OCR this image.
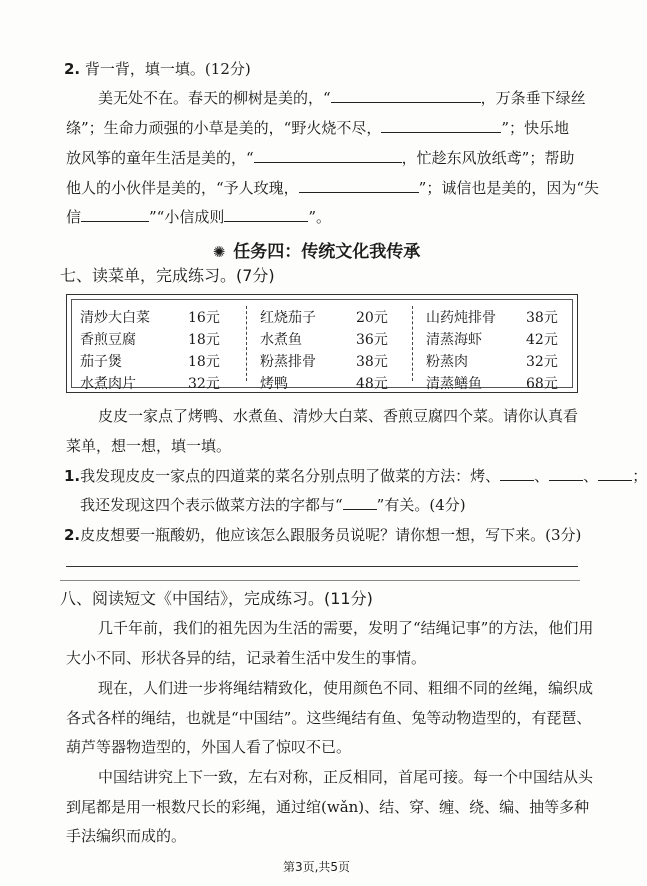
2. 背一背，填一填。(12分)
美无处不在。春天的柳树是美的，“	，万条垂下绿丝
绦”；生命力顽强的小草是美的，“野火烧不尽，	”；快乐地
放风筝的童年生活是美的，“	，忙趁东风放纸鸢”；帮助
他人的小伙伴是美的，“予人玫瑰，	”；诚信也是美的，因为“失
信	”“小信成则	”。
✺ 任务四：传统文化我传承
七、读菜单，完成练习。(7分)
清炒大白菜	16元
香煎豆腐	18元
茄子煲	18元
水煮肉片	32元
红烧茄子	20元
水煮鱼	36元
粉蒸排骨	38元
烤鸭	48元
山药炖排骨 38元
清蒸海虾	42元
粉蒸肉	32元
清蒸鳝鱼	68元
皮皮一家点了烤鸭、水煮鱼、清炒大白菜、香煎豆腐四个菜。请你认真看
菜单，想一想，填一填。
1.我发现皮皮一家点的四道菜的菜名分别点明了做菜的方法：烤、 、 、 ；
我还发现这四个表示做菜方法的字都与“ ”有关。(4分)
2.皮皮想要一瓶酸奶，他应该怎么跟服务员说呢？请你想一想，写下来。(3分)
八、阅读短文《中国结》，完成练习。(11分)
几千年前，我们的祖先因为生活的需要，发明了“结绳记事”的方法，他们用
大小不同、形状各异的结，记录着生活中发生的事情。
现在，人们进一步将绳结精致化，使用颜色不同、粗细不同的丝绳，编织成
各式各样的绳结，也就是“中国结”。这些绳结有鱼、兔等动物造型的，有琵琶、
葫芦等器物造型的，外国人看了惊叹不已。
中国结讲究上下一致，左右对称，正反相同，首尾可接。每一个中国结从头
到尾都是用一根数尺长的彩绳，通过绾(wǎn)、结、穿、缠、绕、编、抽等多种
手法编织而成的。
第3页,共5页
